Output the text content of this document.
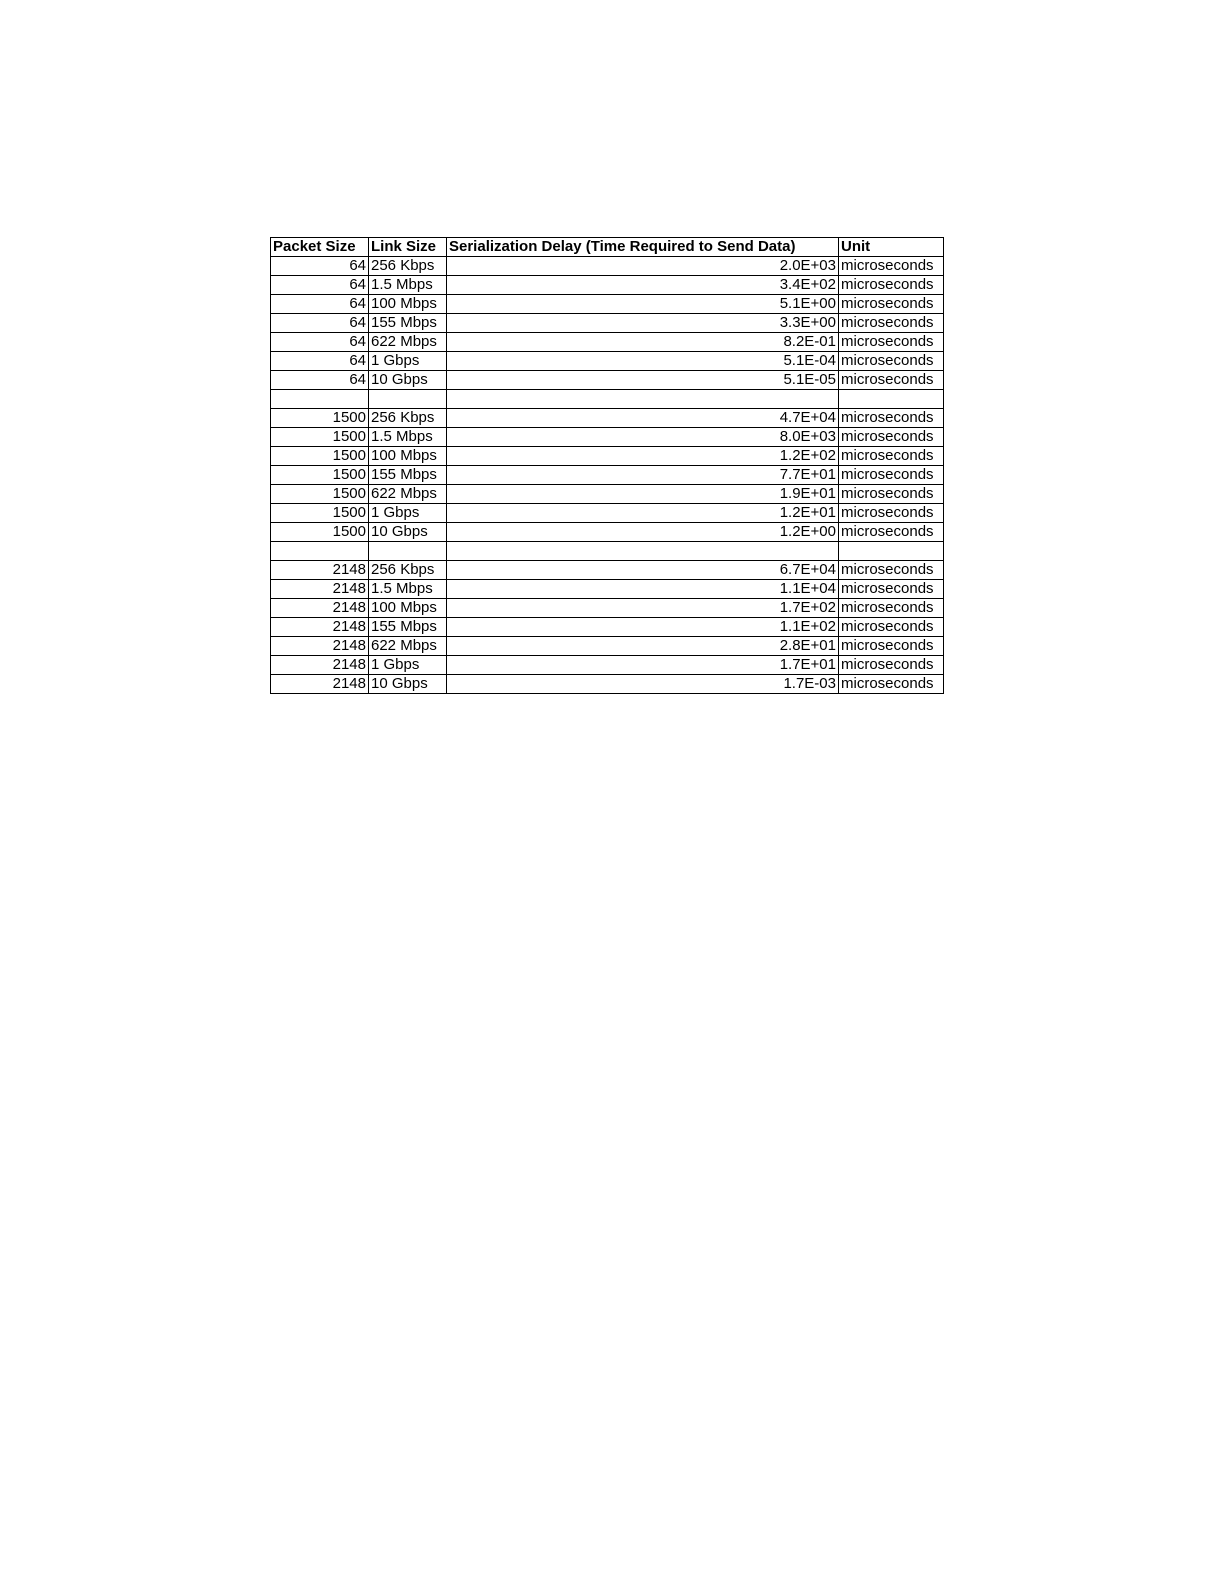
Packet Size	Link Size	Serialization Delay (Time Required to Send Data)	Unit
64	256 Kbps	2.0E+03	microseconds
64	1.5 Mbps	3.4E+02	microseconds
64	100 Mbps	5.1E+00	microseconds
64	155 Mbps	3.3E+00	microseconds
64	622 Mbps	8.2E-01	microseconds
64	1 Gbps	5.1E-04	microseconds
64	10 Gbps	5.1E-05	microseconds

1500	256 Kbps	4.7E+04	microseconds
1500	1.5 Mbps	8.0E+03	microseconds
1500	100 Mbps	1.2E+02	microseconds
1500	155 Mbps	7.7E+01	microseconds
1500	622 Mbps	1.9E+01	microseconds
1500	1 Gbps	1.2E+01	microseconds
1500	10 Gbps	1.2E+00	microseconds

2148	256 Kbps	6.7E+04	microseconds
2148	1.5 Mbps	1.1E+04	microseconds
2148	100 Mbps	1.7E+02	microseconds
2148	155 Mbps	1.1E+02	microseconds
2148	622 Mbps	2.8E+01	microseconds
2148	1 Gbps	1.7E+01	microseconds
2148	10 Gbps	1.7E-03	microseconds
